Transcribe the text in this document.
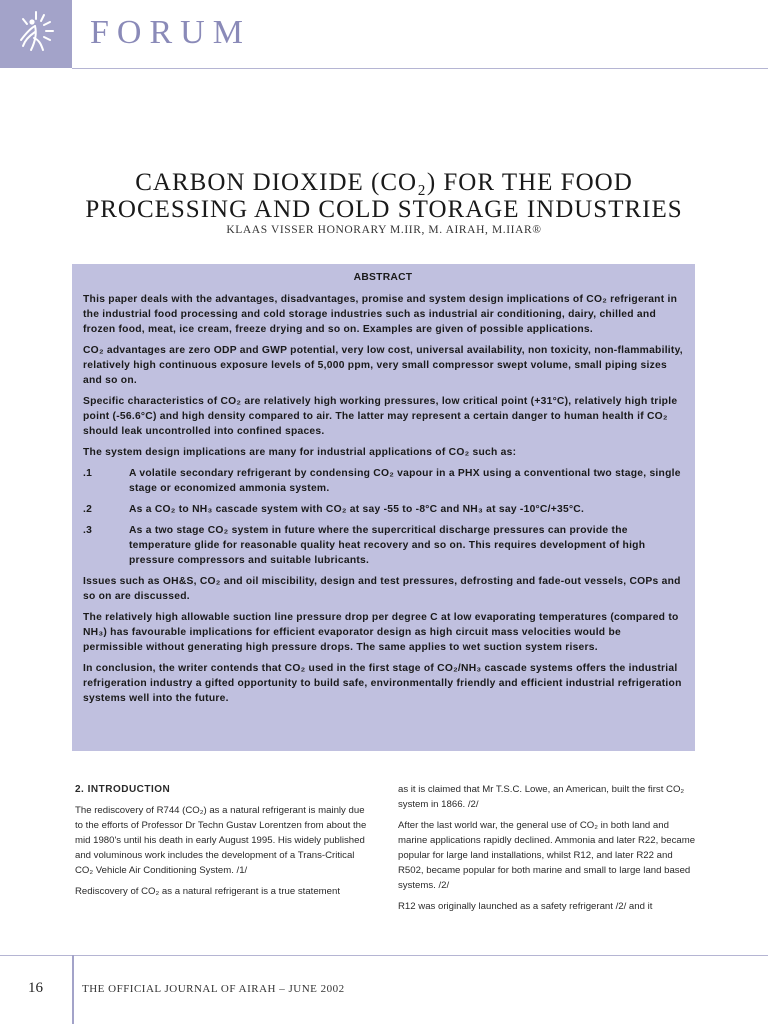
FORUM
CARBON DIOXIDE (CO₂) FOR THE FOOD
PROCESSING AND COLD STORAGE INDUSTRIES
KLAAS VISSER HONORARY M.IIR, M. AIRAH, M.IIAR®
ABSTRACT

This paper deals with the advantages, disadvantages, promise and system design implications of CO₂ refrigerant in the industrial food processing and cold storage industries such as industrial air conditioning, dairy, chilled and frozen food, meat, ice cream, freeze drying and so on. Examples are given of possible applications.

CO₂ advantages are zero ODP and GWP potential, very low cost, universal availability, non toxicity, non-flammability, relatively high continuous exposure levels of 5,000 ppm, very small compressor swept volume, small piping sizes and so on.

Specific characteristics of CO₂ are relatively high working pressures, low critical point (+31°C), relatively high triple point (-56.6°C) and high density compared to air. The latter may represent a certain danger to human health if CO₂ should leak uncontrolled into confined spaces.

The system design implications are many for industrial applications of CO₂ such as:

.1	A volatile secondary refrigerant by condensing CO₂ vapour in a PHX using a conventional two stage, single stage or economized ammonia system.
.2	As a CO₂ to NH₃ cascade system with CO₂ at say -55 to -8°C and NH₃ at say -10°C/+35°C.
.3	As a two stage CO₂ system in future where the supercritical discharge pressures can provide the temperature glide for reasonable quality heat recovery and so on. This requires development of high pressure compressors and suitable lubricants.

Issues such as OH&S, CO₂ and oil miscibility, design and test pressures, defrosting and fade-out vessels, COPs and so on are discussed.

The relatively high allowable suction line pressure drop per degree C at low evaporating temperatures (compared to NH₃) has favourable implications for efficient evaporator design as high circuit mass velocities would be permissible without generating high pressure drops. The same applies to wet suction system risers.

In conclusion, the writer contends that CO₂ used in the first stage of CO₂/NH₃ cascade systems offers the industrial refrigeration industry a gifted opportunity to build safe, environmentally friendly and efficient industrial refrigeration systems well into the future.

2. INTRODUCTION

The rediscovery of R744 (CO₂) as a natural refrigerant is mainly due to the efforts of Professor Dr Techn Gustav Lorentzen from about the mid 1980's until his death in early August 1995. His widely published and voluminous work includes the development of a Trans-Critical CO₂ Vehicle Air Conditioning System. /1/

Rediscovery of CO₂ as a natural refrigerant is a true statement

as it is claimed that Mr T.S.C. Lowe, an American, built the first CO₂ system in 1866. /2/

After the last world war, the general use of CO₂ in both land and marine applications rapidly declined. Ammonia and later R22, became popular for large land installations, whilst R12, and later R22 and R502, became popular for both marine and small to large land based systems. /2/

R12 was originally launched as a safety refrigerant /2/ and it

16	THE OFFICIAL JOURNAL OF AIRAH – JUNE 2002
